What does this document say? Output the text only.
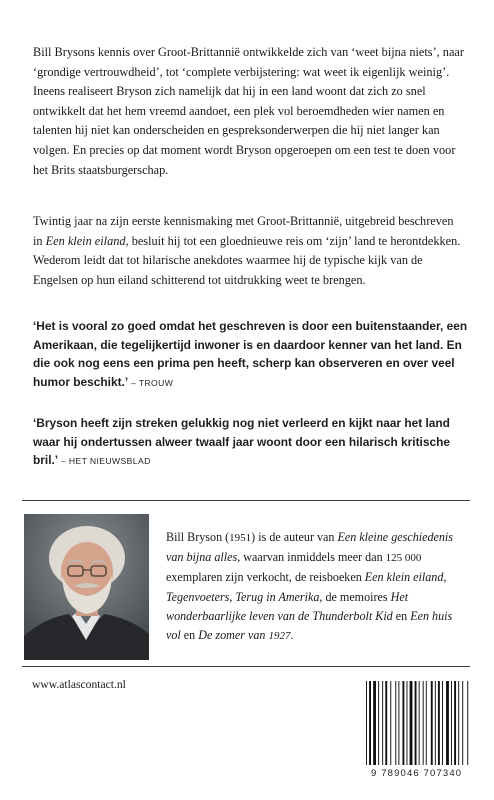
Bill Brysons kennis over Groot-Brittannië ontwikkelde zich van ‘weet bijna niets’, naar ‘grondige vertrouwdheid’, tot ‘complete verbijstering: wat weet ik eigenlijk weinig’. Ineens realiseert Bryson zich namelijk dat hij in een land woont dat zich zo snel ontwikkelt dat het hem vreemd aandoet, een plek vol beroemdheden wier namen en talenten hij niet kan onderscheiden en gespreksonderwerpen die hij niet langer kan volgen. En precies op dat moment wordt Bryson opgeroepen om een test te doen voor het Brits staatsburgerschap.

Twintig jaar na zijn eerste kennismaking met Groot-Brittannië, uitgebreid beschreven in Een klein eiland, besluit hij tot een gloednieuwe reis om ‘zijn’ land te herontdekken. Wederom leidt dat tot hilarische anekdotes waarmee hij de typische kijk van de Engelsen op hun eiland schitterend tot uitdrukking weet te brengen.

‘Het is vooral zo goed omdat het geschreven is door een buitenstaander, een Amerikaan, die tegelijkertijd inwoner is en daardoor kenner van het land. En die ook nog eens een prima pen heeft, scherp kan observeren en over veel humor beschikt.’ – TROUW

‘Bryson heeft zijn streken gelukkig nog niet verleerd en kijkt naar het land waar hij ondertussen alweer twaalf jaar woont door een hilarisch kritische bril.’ – HET NIEUWSBLAD

Bill Bryson (1951) is de auteur van Een kleine geschiedenis van bijna alles, waarvan inmiddels meer dan 125 000 exemplaren zijn verkocht, de reisboeken Een klein eiland, Tegenvoeters, Terug in Amerika, de memoires Het wonderbaarlijke leven van de Thunderbolt Kid en Een huis vol en De zomer van 1927.

www.atlascontact.nl

9 789046 707340
